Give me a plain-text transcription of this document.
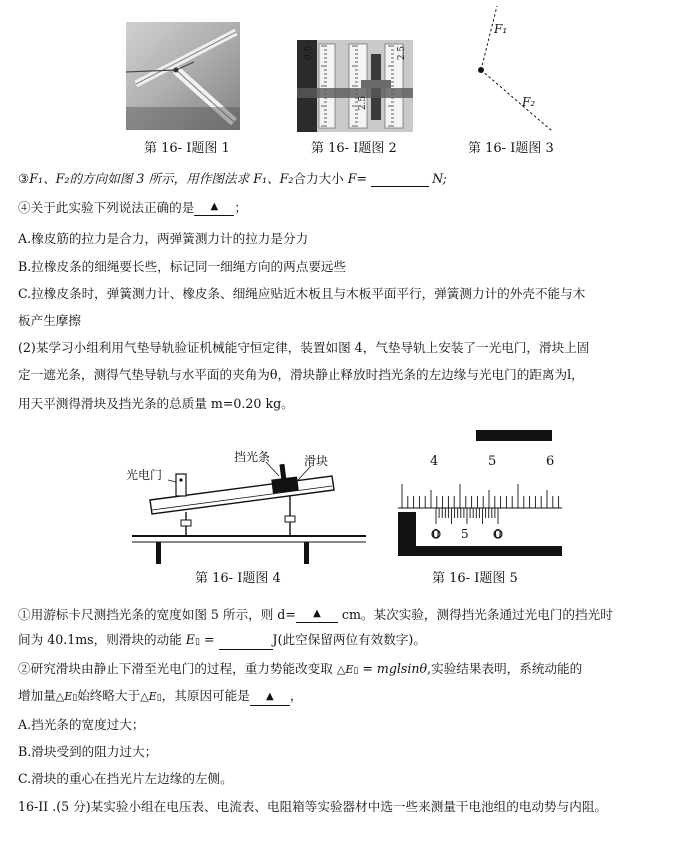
第 16- Ⅰ题图 1
0.5
2.5
2.5
第 16- Ⅰ题图 2
F₁
F₂
第 16- Ⅰ题图 3
③F₁、F₂的方向如图 3 所示，用作图法求 F₁、F₂合力大小 F=	N;
④关于此实验下列说法正确的是 ▲ ；
A.橡皮筋的拉力是合力，两弹簧测力计的拉力是分力
B.拉橡皮条的细绳要长些，标记同一细绳方向的两点要远些
C.拉橡皮条时，弹簧测力计、橡皮条、细绳应贴近木板且与木板平面平行，弹簧测力计的外壳不能与木
板产生摩擦
(2)某学习小组利用气垫导轨验证机械能守恒定律，装置如图 4，气垫导轨上安装了一光电门，滑块上固
定一遮光条，测得气垫导轨与水平面的夹角为θ，滑块静止释放时挡光条的左边缘与光电门的距离为l，
用天平测得滑块及挡光条的总质量 m=0.20 kg。
光电门
挡光条	滑块
第 16- Ⅰ题图 4
4	5	6
0 5 0
第 16- Ⅰ题图 5
①用游标卡尺测挡光条的宽度如图 5 所示，则 d= ▲ cm。某次实验，测得挡光条通过光电门的挡光时
间为 40.1ms，则滑块的动能 E▯ =	J(此空保留两位有效数字)。
②研究滑块由静止下滑至光电门的过程，重力势能改变取 △E▯ = mglsinθ,实验结果表明，系统动能的
增加量△E▯始终略大于△E▯，其原因可能是 ▲ ，
A.挡光条的宽度过大；
B.滑块受到的阻力过大；
C.滑块的重心在挡光片左边缘的左侧。
16-II .(5 分)某实验小组在电压表、电流表、电阻箱等实验器材中选一些来测量干电池组的电动势与内阻。
